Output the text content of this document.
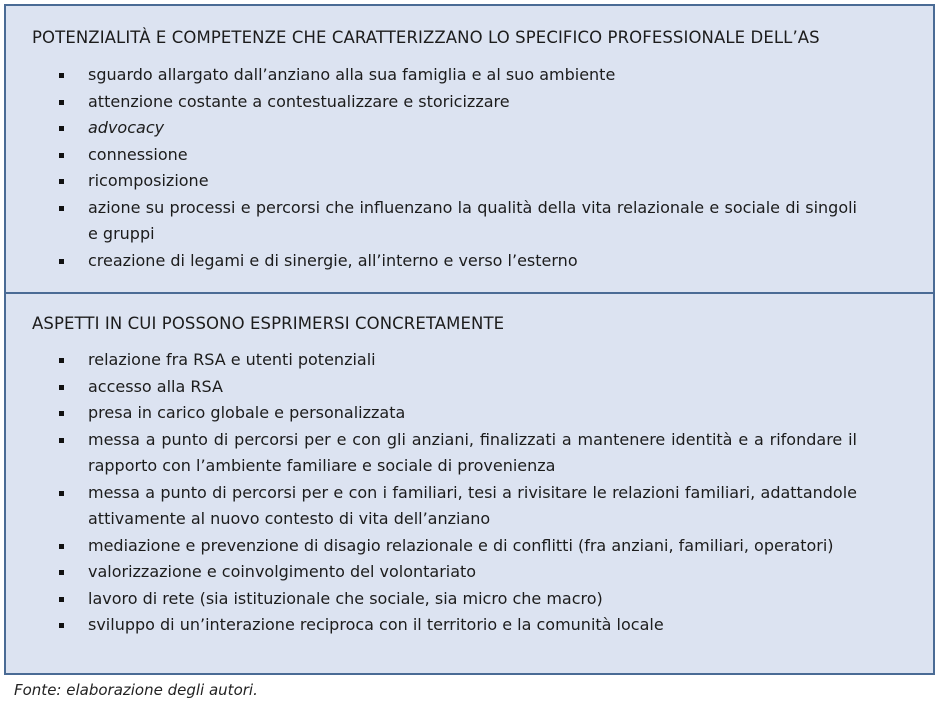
POTENZIALITÀ E COMPETENZE CHE CARATTERIZZANO LO SPECIFICO PROFESSIONALE DELL’AS
sguardo allargato dall’anziano alla sua famiglia e al suo ambiente
attenzione costante a contestualizzare e storicizzare
advocacy
connessione
ricomposizione
azione su processi e percorsi che influenzano la qualità della vita relazionale e sociale di singoli e gruppi
creazione di legami e di sinergie, all’interno e verso l’esterno
ASPETTI IN CUI POSSONO ESPRIMERSI CONCRETAMENTE
relazione fra RSA e utenti potenziali
accesso alla RSA
presa in carico globale e personalizzata
messa a punto di percorsi per e con gli anziani, finalizzati a mantenere identità e a rifondare il rapporto con l’ambiente familiare e sociale di provenienza
messa a punto di percorsi per e con i familiari, tesi a rivisitare le relazioni familiari, adattandole attivamente al nuovo contesto di vita dell’anziano
mediazione e prevenzione di disagio relazionale e di conflitti (fra anziani, familiari, operatori)
valorizzazione e coinvolgimento del volontariato
lavoro di rete (sia istituzionale che sociale, sia micro che macro)
sviluppo di un’interazione reciproca con il territorio e la comunità locale
Fonte: elaborazione degli autori.
